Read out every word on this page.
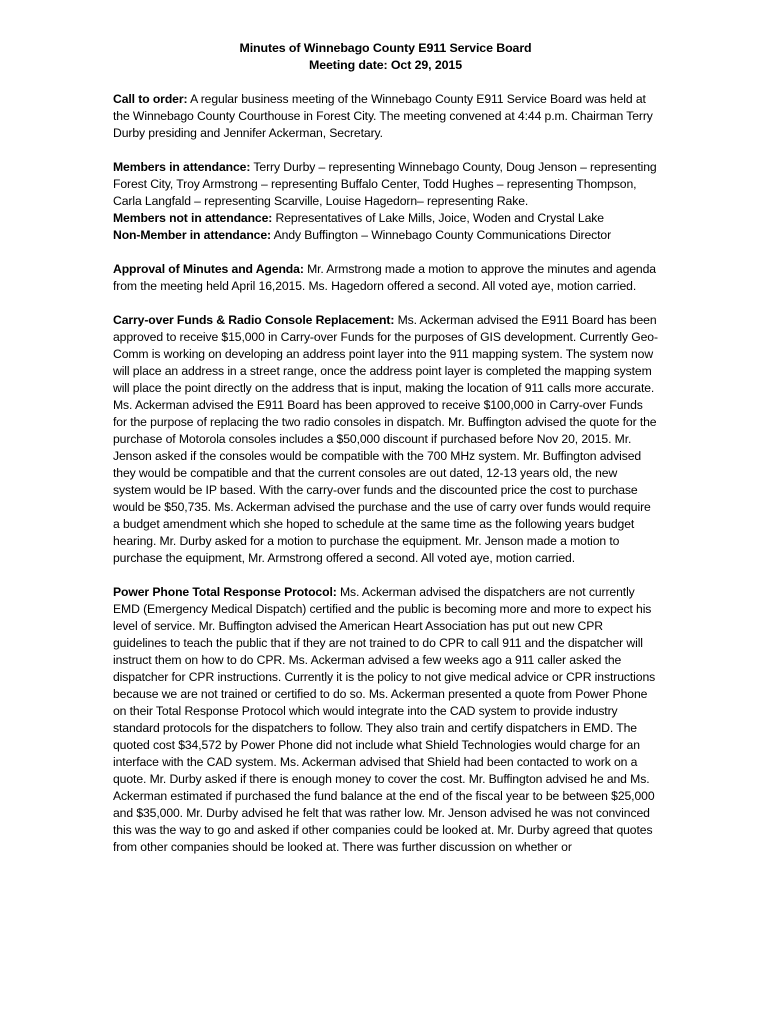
Minutes of Winnebago County E911 Service Board
Meeting date: Oct 29, 2015

Call to order: A regular business meeting of the Winnebago County E911 Service Board was held at the Winnebago County Courthouse in Forest City. The meeting convened at 4:44 p.m. Chairman Terry Durby presiding and Jennifer Ackerman, Secretary.

Members in attendance: Terry Durby – representing Winnebago County, Doug Jenson – representing Forest City, Troy Armstrong – representing Buffalo Center, Todd Hughes – representing Thompson, Carla Langfald – representing Scarville, Louise Hagedorn– representing Rake.

Members not in attendance: Representatives of Lake Mills, Joice, Woden and Crystal Lake

Non-Member in attendance: Andy Buffington – Winnebago County Communications Director

Approval of Minutes and Agenda: Mr. Armstrong made a motion to approve the minutes and agenda from the meeting held April 16,2015. Ms. Hagedorn offered a second. All voted aye, motion carried.

Carry-over Funds & Radio Console Replacement: Ms. Ackerman advised the E911 Board has been approved to receive $15,000 in Carry-over Funds for the purposes of GIS development. Currently Geo-Comm is working on developing an address point layer into the 911 mapping system. The system now will place an address in a street range, once the address point layer is completed the mapping system will place the point directly on the address that is input, making the location of 911 calls more accurate. Ms. Ackerman advised the E911 Board has been approved to receive $100,000 in Carry-over Funds for the purpose of replacing the two radio consoles in dispatch. Mr. Buffington advised the quote for the purchase of Motorola consoles includes a $50,000 discount if purchased before Nov 20, 2015. Mr. Jenson asked if the consoles would be compatible with the 700 MHz system. Mr. Buffington advised they would be compatible and that the current consoles are out dated, 12-13 years old, the new system would be IP based. With the carry-over funds and the discounted price the cost to purchase would be $50,735. Ms. Ackerman advised the purchase and the use of carry over funds would require a budget amendment which she hoped to schedule at the same time as the following years budget hearing. Mr. Durby asked for a motion to purchase the equipment. Mr. Jenson made a motion to purchase the equipment, Mr. Armstrong offered a second. All voted aye, motion carried.

Power Phone Total Response Protocol: Ms. Ackerman advised the dispatchers are not currently EMD (Emergency Medical Dispatch) certified and the public is becoming more and more to expect his level of service. Mr. Buffington advised the American Heart Association has put out new CPR guidelines to teach the public that if they are not trained to do CPR to call 911 and the dispatcher will instruct them on how to do CPR. Ms. Ackerman advised a few weeks ago a 911 caller asked the dispatcher for CPR instructions. Currently it is the policy to not give medical advice or CPR instructions because we are not trained or certified to do so. Ms. Ackerman presented a quote from Power Phone on their Total Response Protocol which would integrate into the CAD system to provide industry standard protocols for the dispatchers to follow. They also train and certify dispatchers in EMD. The quoted cost $34,572 by Power Phone did not include what Shield Technologies would charge for an interface with the CAD system. Ms. Ackerman advised that Shield had been contacted to work on a quote. Mr. Durby asked if there is enough money to cover the cost. Mr. Buffington advised he and Ms. Ackerman estimated if purchased the fund balance at the end of the fiscal year to be between $25,000 and $35,000. Mr. Durby advised he felt that was rather low. Mr. Jenson advised he was not convinced this was the way to go and asked if other companies could be looked at. Mr. Durby agreed that quotes from other companies should be looked at. There was further discussion on whether or
